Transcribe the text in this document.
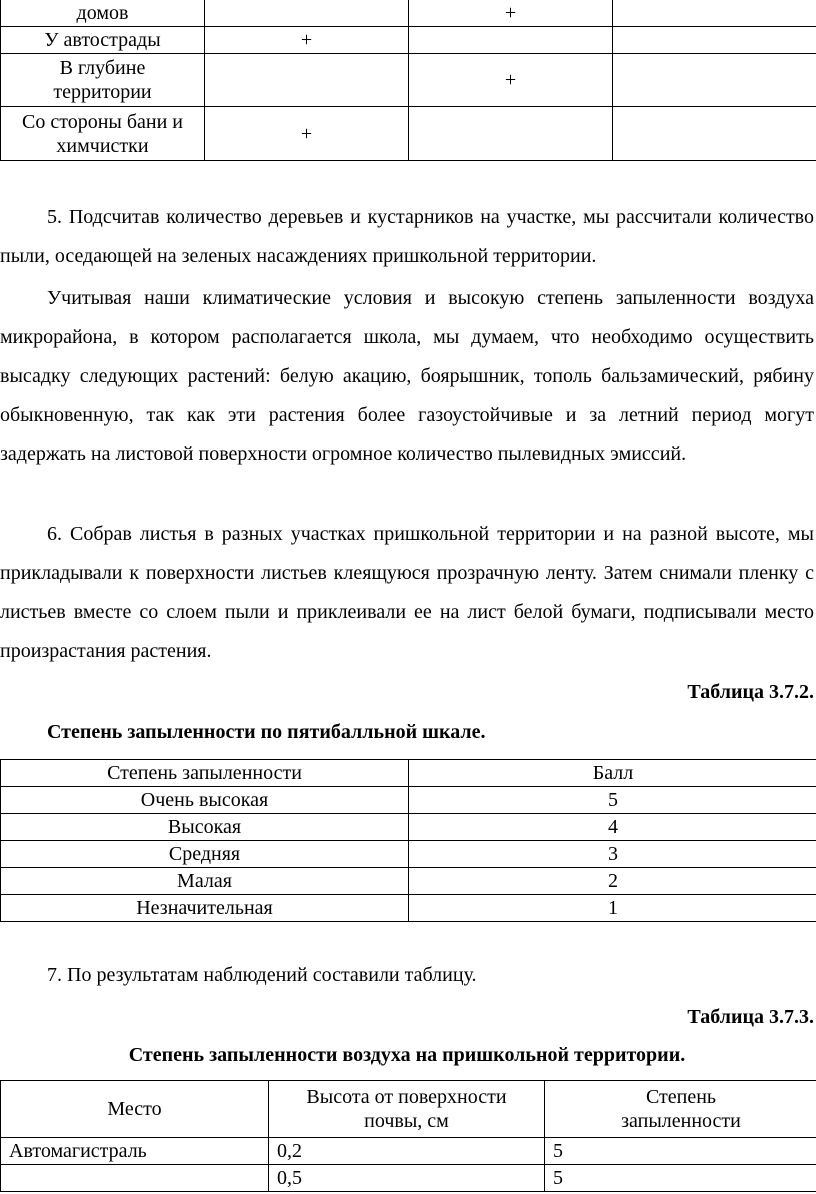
домов		+	
У автострады	+		
В глубине территории		+	
Со стороны бани и химчистки	+		

5. Подсчитав количество деревьев и кустарников на участке, мы рассчитали количество пыли, оседающей на зеленых насаждениях пришкольной территории.

Учитывая наши климатические условия и высокую степень запыленности воздуха микрорайона, в котором располагается школа, мы думаем, что необходимо осуществить высадку следующих растений: белую акацию, боярышник, тополь бальзамический, рябину обыкновенную, так как эти растения более газоустойчивые и за летний период могут задержать на листовой поверхности огромное количество пылевидных эмиссий.

6. Собрав листья в разных участках пришкольной территории и на разной высоте, мы прикладывали к поверхности листьев клеящуюся прозрачную ленту. Затем снимали пленку с листьев вместе со слоем пыли и приклеивали ее на лист белой бумаги, подписывали место произрастания растения.

Таблица 3.7.2.
Степень запыленности по пятибалльной шкале.
Степень запыленности	Балл
Очень высокая	5
Высокая	4
Средняя	3
Малая	2
Незначительная	1
7. По результатам наблюдений составили таблицу.
Таблица 3.7.3.
Степень запыленности воздуха на пришкольной территории.
Место	Высота от поверхности почвы, см	Степень запыленности
Автомагистраль	0,2	5
	0,5	5
